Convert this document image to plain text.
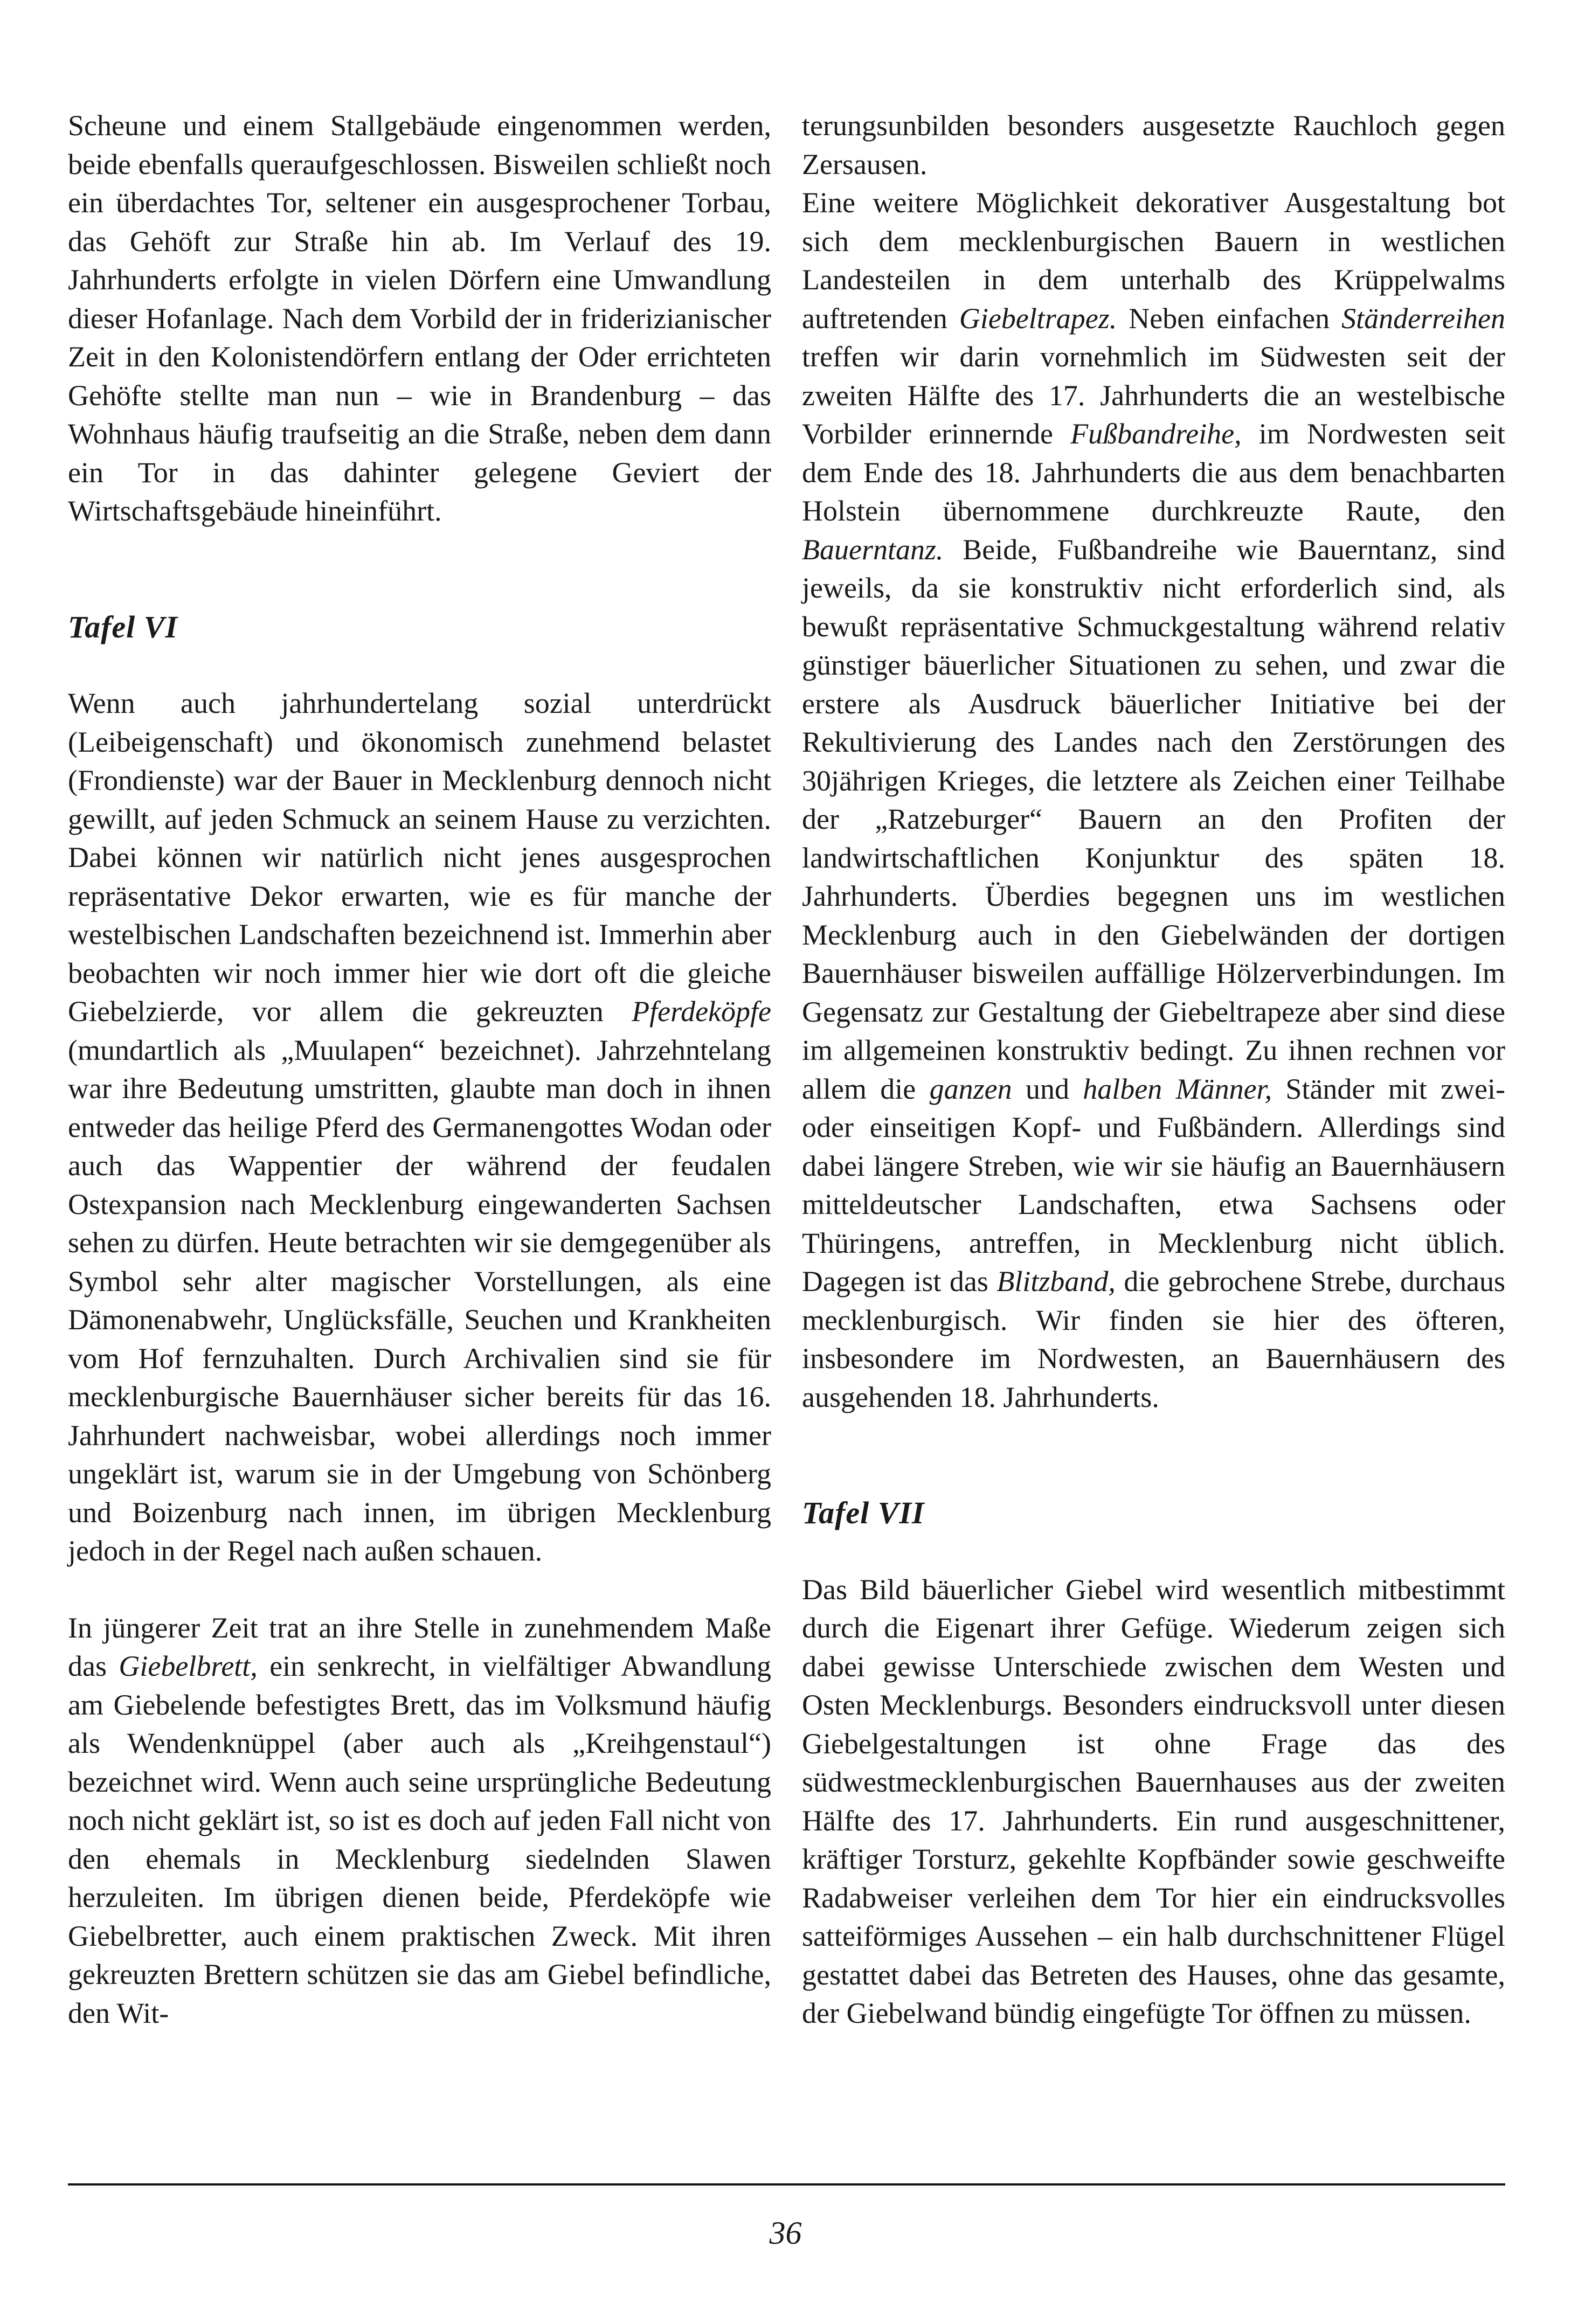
Scheune und einem Stallgebäude eingenommen werden, beide ebenfalls queraufgeschlossen. Bisweilen schließt noch ein überdachtes Tor, seltener ein ausgesprochener Torbau, das Gehöft zur Straße hin ab. Im Verlauf des 19. Jahrhunderts erfolgte in vielen Dörfern eine Umwandlung dieser Hofanlage. Nach dem Vorbild der in friderizianischer Zeit in den Kolonistendörfern entlang der Oder errichteten Gehöfte stellte man nun – wie in Brandenburg – das Wohnhaus häufig traufseitig an die Straße, neben dem dann ein Tor in das dahinter gelegene Geviert der Wirtschaftsgebäude hineinführt.

Tafel VI

Wenn auch jahrhundertelang sozial unterdrückt (Leibeigenschaft) und ökonomisch zunehmend belastet (Frondienste) war der Bauer in Mecklenburg dennoch nicht gewillt, auf jeden Schmuck an seinem Hause zu verzichten. Dabei können wir natürlich nicht jenes ausgesprochen repräsentative Dekor erwarten, wie es für manche der westelbischen Landschaften bezeichnend ist. Immerhin aber beobachten wir noch immer hier wie dort oft die gleiche Giebelzierde, vor allem die gekreuzten Pferdeköpfe (mundartlich als „Muulapen“ bezeichnet). Jahrzehntelang war ihre Bedeutung umstritten, glaubte man doch in ihnen entweder das heilige Pferd des Germanengottes Wodan oder auch das Wappentier der während der feudalen Ostexpansion nach Mecklenburg eingewanderten Sachsen sehen zu dürfen. Heute betrachten wir sie demgegenüber als Symbol sehr alter magischer Vorstellungen, als eine Dämonenabwehr, Unglücksfälle, Seuchen und Krankheiten vom Hof fernzuhalten. Durch Archivalien sind sie für mecklenburgische Bauernhäuser sicher bereits für das 16. Jahrhundert nachweisbar, wobei allerdings noch immer ungeklärt ist, warum sie in der Umgebung von Schönberg und Boizenburg nach innen, im übrigen Mecklenburg jedoch in der Regel nach außen schauen.

In jüngerer Zeit trat an ihre Stelle in zunehmendem Maße das Giebelbrett, ein senkrecht, in vielfältiger Abwandlung am Giebelende befestigtes Brett, das im Volksmund häufig als Wendenknüppel (aber auch als „Kreihgenstaul“) bezeichnet wird. Wenn auch seine ursprüngliche Bedeutung noch nicht geklärt ist, so ist es doch auf jeden Fall nicht von den ehemals in Mecklenburg siedelnden Slawen herzuleiten. Im übrigen dienen beide, Pferdeköpfe wie Giebelbretter, auch einem praktischen Zweck. Mit ihren gekreuzten Brettern schützen sie das am Giebel befindliche, den Wit-

terungsunbilden besonders ausgesetzte Rauchloch gegen Zersausen.
Eine weitere Möglichkeit dekorativer Ausgestaltung bot sich dem mecklenburgischen Bauern in westlichen Landesteilen in dem unterhalb des Krüppelwalms auftretenden Giebeltrapez. Neben einfachen Ständerreihen treffen wir darin vornehmlich im Südwesten seit der zweiten Hälfte des 17. Jahrhunderts die an westelbische Vorbilder erinnernde Fußbandreihe, im Nordwesten seit dem Ende des 18. Jahrhunderts die aus dem benachbarten Holstein übernommene durchkreuzte Raute, den Bauerntanz. Beide, Fußbandreihe wie Bauerntanz, sind jeweils, da sie konstruktiv nicht erforderlich sind, als bewußt repräsentative Schmuckgestaltung während relativ günstiger bäuerlicher Situationen zu sehen, und zwar die erstere als Ausdruck bäuerlicher Initiative bei der Rekultivierung des Landes nach den Zerstörungen des 30jährigen Krieges, die letztere als Zeichen einer Teilhabe der „Ratzeburger“ Bauern an den Profiten der landwirtschaftlichen Konjunktur des späten 18. Jahrhunderts. Überdies begegnen uns im westlichen Mecklenburg auch in den Giebelwänden der dortigen Bauernhäuser bisweilen auffällige Hölzerverbindungen. Im Gegensatz zur Gestaltung der Giebeltrapeze aber sind diese im allgemeinen konstruktiv bedingt. Zu ihnen rechnen vor allem die ganzen und halben Männer, Ständer mit zwei- oder einseitigen Kopf- und Fußbändern. Allerdings sind dabei längere Streben, wie wir sie häufig an Bauernhäusern mitteldeutscher Landschaften, etwa Sachsens oder Thüringens, antreffen, in Mecklenburg nicht üblich. Dagegen ist das Blitzband, die gebrochene Strebe, durchaus mecklenburgisch. Wir finden sie hier des öfteren, insbesondere im Nordwesten, an Bauernhäusern des ausgehenden 18. Jahrhunderts.

Tafel VII

Das Bild bäuerlicher Giebel wird wesentlich mitbestimmt durch die Eigenart ihrer Gefüge. Wiederum zeigen sich dabei gewisse Unterschiede zwischen dem Westen und Osten Mecklenburgs. Besonders eindrucksvoll unter diesen Giebelgestaltungen ist ohne Frage das des südwestmecklenburgischen Bauernhauses aus der zweiten Hälfte des 17. Jahrhunderts. Ein rund ausgeschnittener, kräftiger Torsturz, gekehlte Kopfbänder sowie geschweifte Radabweiser verleihen dem Tor hier ein eindrucksvolles satteiförmiges Aussehen – ein halb durchschnittener Flügel gestattet dabei das Betreten des Hauses, ohne das gesamte, der Giebelwand bündig eingefügte Tor öffnen zu müssen.

36
